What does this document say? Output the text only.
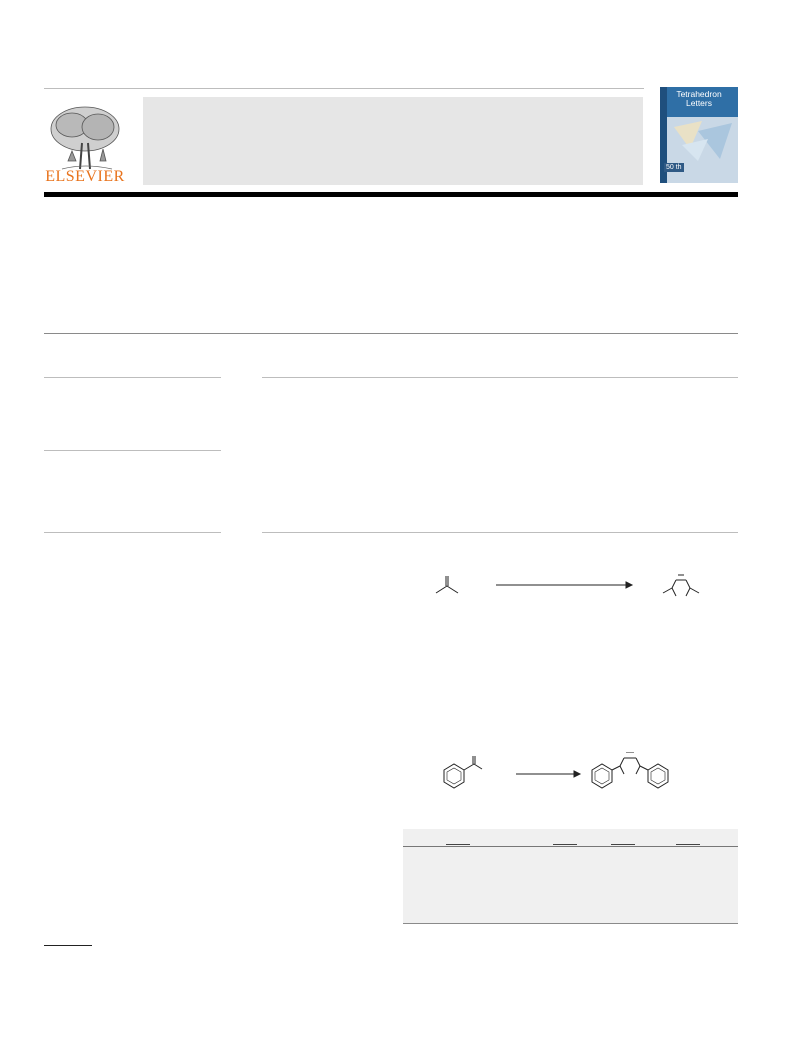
ELSEVIER
Tetrahedron Letters
50 th
